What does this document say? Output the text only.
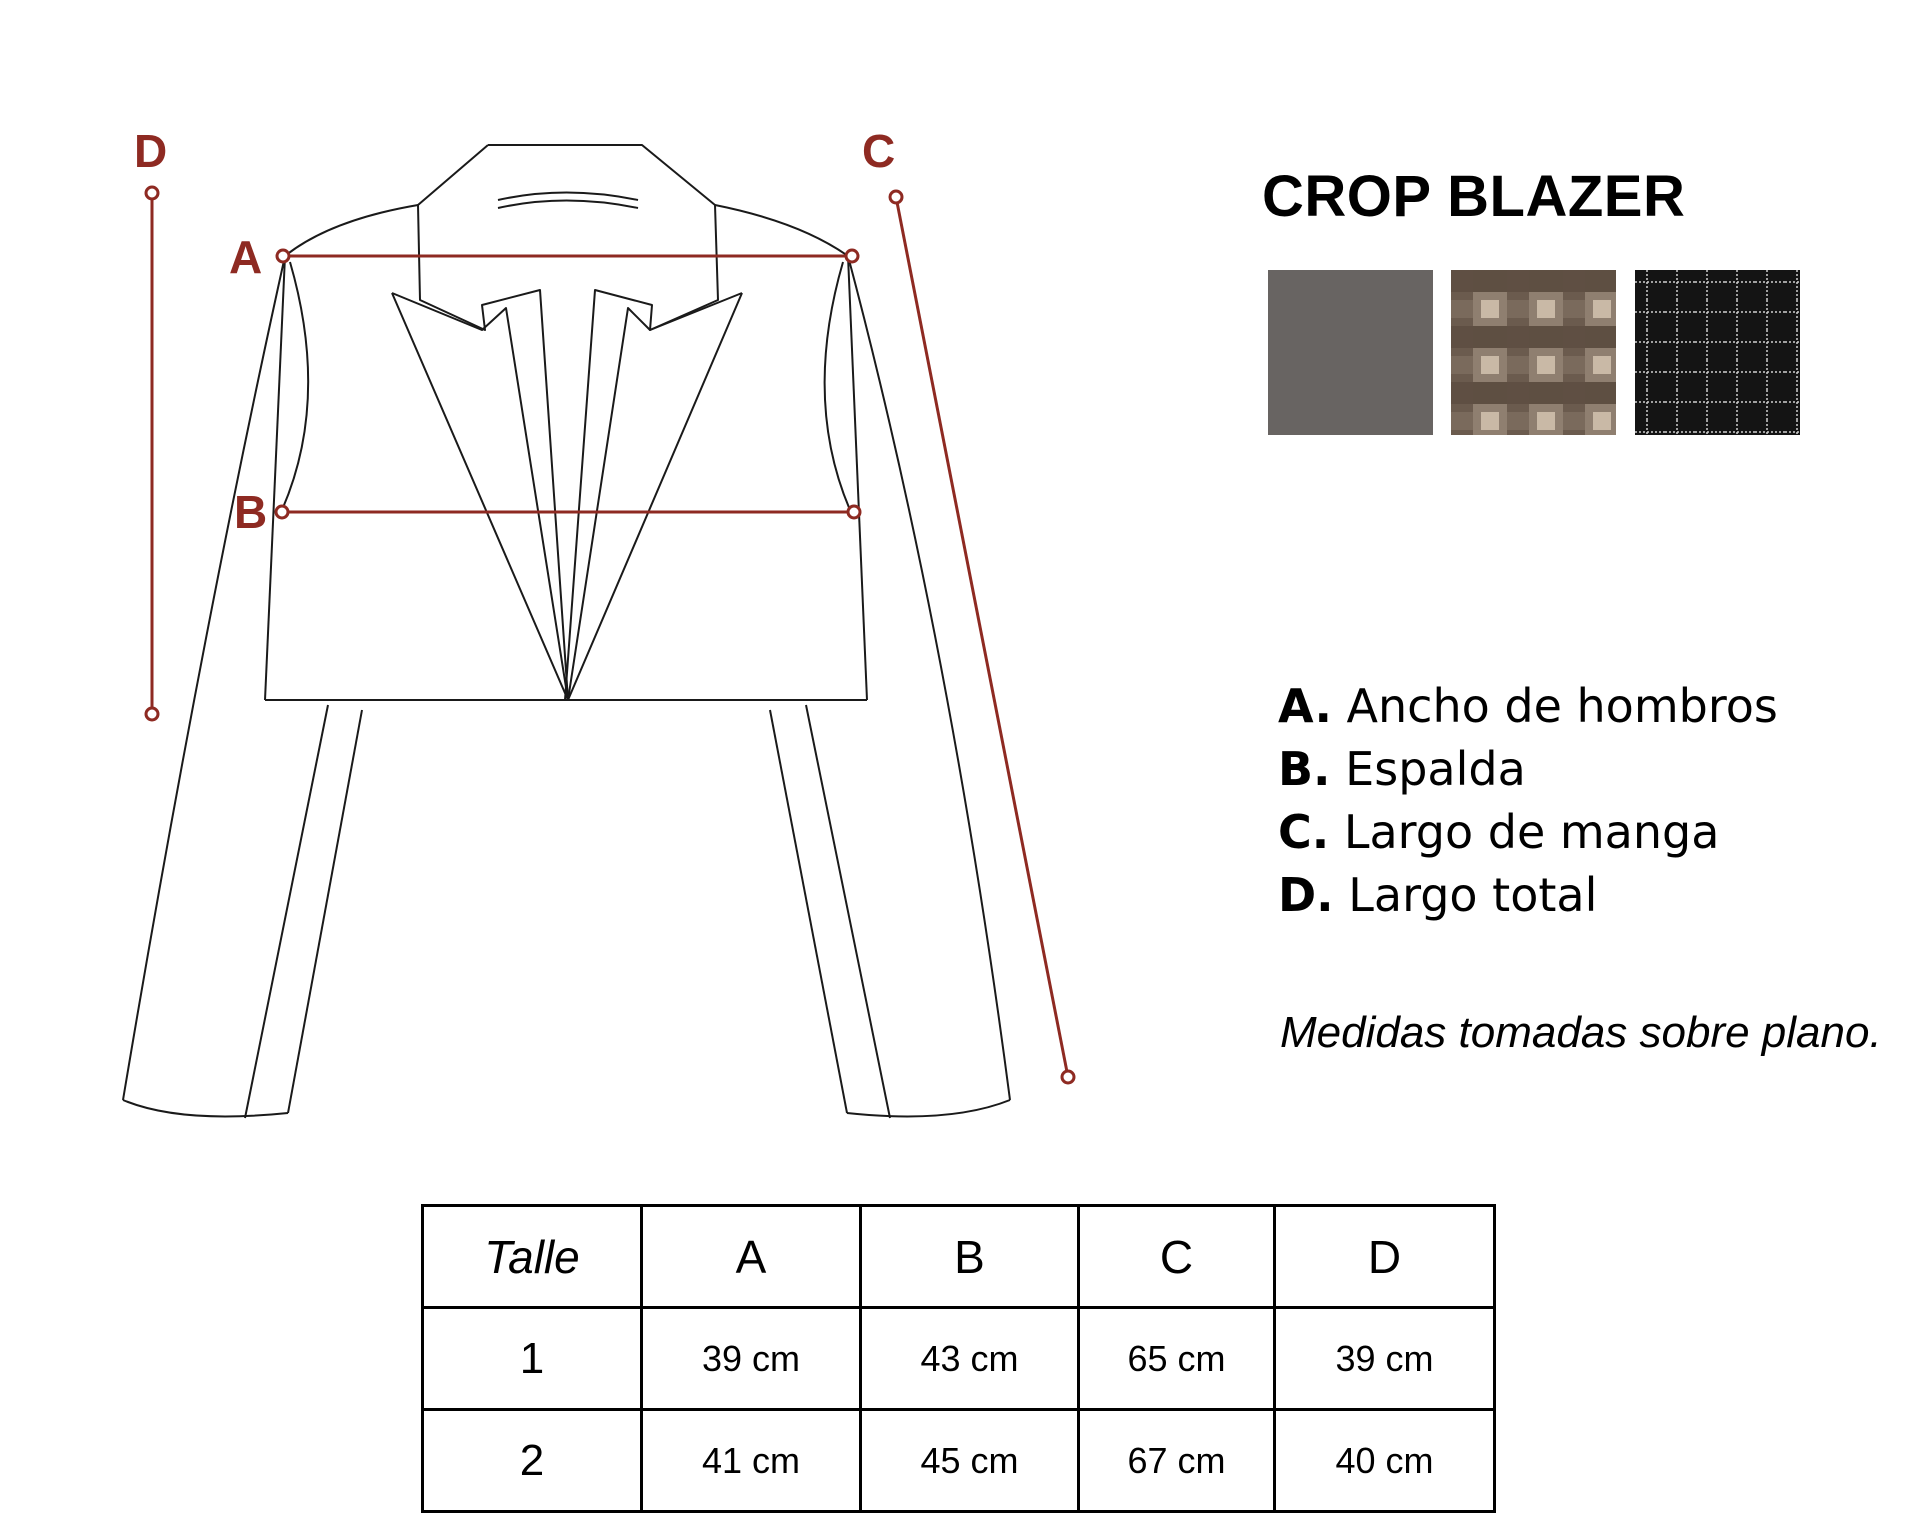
D	C
A
B
CROP BLAZER
A. Ancho de hombros
B. Espalda
C. Largo de manga
D. Largo total
Medidas tomadas sobre plano.
Talle	A	B	C	D
1	39 cm	43 cm	65 cm	39 cm
2	41 cm	45 cm	67 cm	40 cm
